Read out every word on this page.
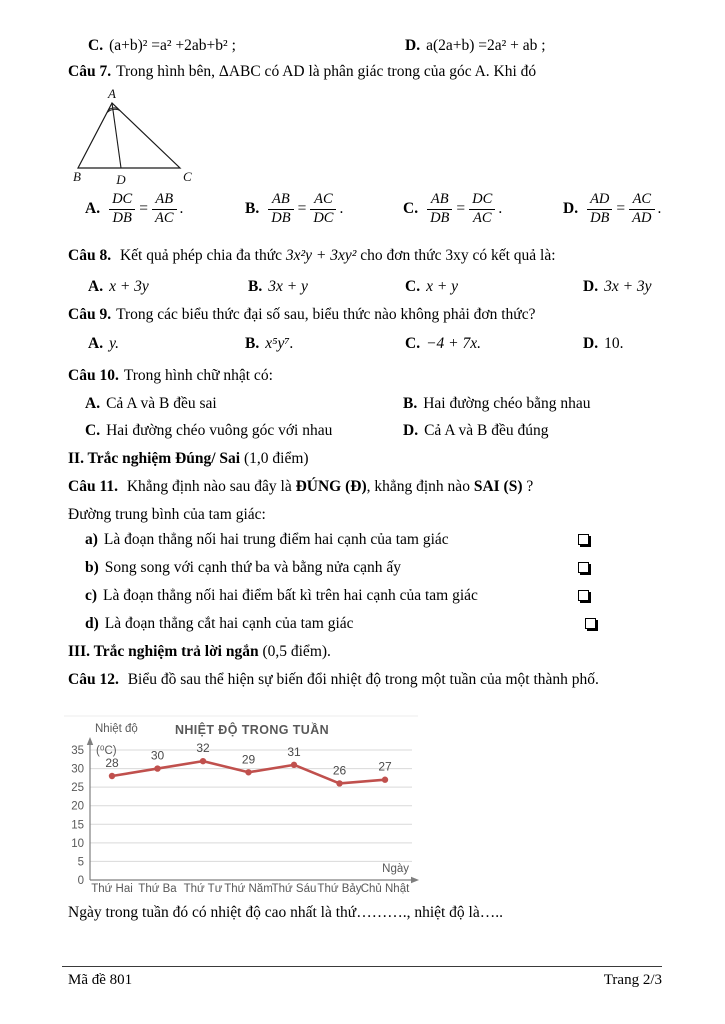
C. (a+b)² =a² +2ab+b² ;	D. a(2a+b) =2a² + ab ;
Câu 7. Trong hình bên, ΔABC có AD là phân giác trong của góc A. Khi đó
A
B	D	C
A. $\frac{DC}{DB} = \frac{AB}{AC}$ .	B. $\frac{AB}{DB} = \frac{AC}{DC}$ .	C. $\frac{AB}{DB} = \frac{DC}{AC}$ .	D. $\frac{AD}{DB} = \frac{AC}{AD}$ .
Câu 8. Kết quả phép chia đa thức 3x²y + 3xy² cho đơn thức 3xy có kết quả là:
A. x + 3y	B. 3x + y	C. x + y	D. 3x + 3y
Câu 9. Trong các biểu thức đại số sau, biểu thức nào không phải đơn thức?
A. y.	B. x⁵y⁷.	C. −4 + 7x.	D. 10.
Câu 10. Trong hình chữ nhật có:
A. Cả A và B đều sai	B. Hai đường chéo bằng nhau
C. Hai đường chéo vuông góc với nhau	D. Cả A và B đều đúng
II. Trắc nghiệm Đúng/ Sai (1,0 điểm)
Câu 11. Khẳng định nào sau đây là ĐÚNG (Đ), khẳng định nào SAI (S) ?
Đường trung bình của tam giác:
a) Là đoạn thẳng nối hai trung điểm hai cạnh của tam giác
b) Song song với cạnh thứ ba và bằng nửa cạnh ấy
c) Là đoạn thẳng nối hai điểm bất kì trên hai cạnh của tam giác
d) Là đoạn thẳng cắt hai cạnh của tam giác
III. Trắc nghiệm trả lời ngắn (0,5 điểm).
Câu 12. Biểu đồ sau thể hiện sự biến đổi nhiệt độ trong một tuần của một thành phố.
0
5
10
15
20
25
30
35
28
Thứ Hai
30
Thứ Ba
32
Thứ Tư
29
Thứ Năm
31
Thứ Sáu
26
Thứ Bảy
27
Chủ Nhật
NHIỆT ĐỘ TRONG TUẦN
Nhiệt độ
(⁰C)
Ngày
Ngày trong tuần đó có nhiệt độ cao nhất là thứ………., nhiệt độ là…..
Mã đề 801	Trang 2/3
